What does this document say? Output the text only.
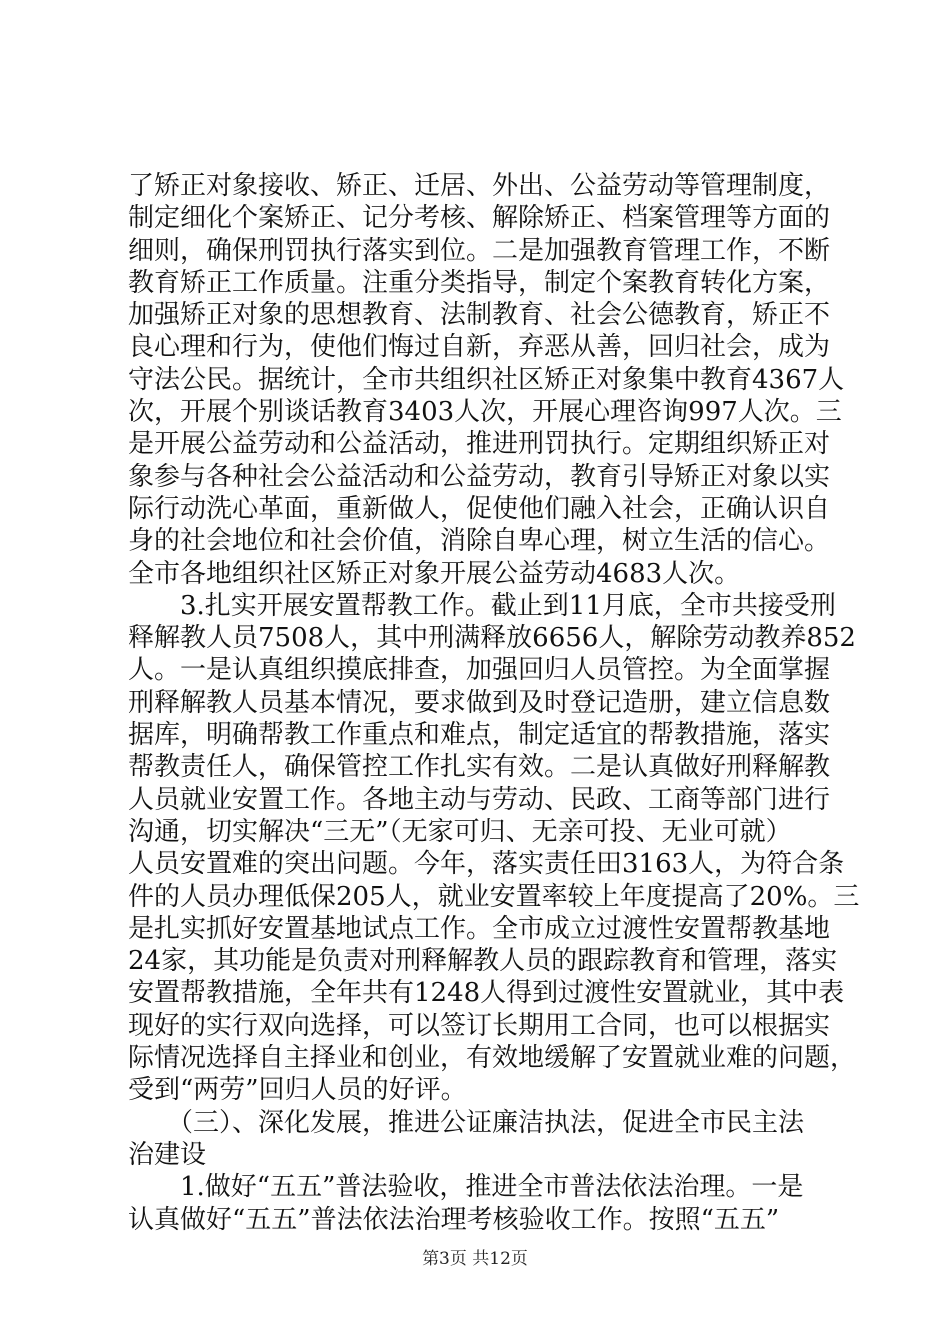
了矫正对象接收、矫正、迁居、外出、公益劳动等管理制度，
制定细化个案矫正、记分考核、解除矫正、档案管理等方面的
细则，确保刑罚执行落实到位。二是加强教育管理工作，不断
教育矫正工作质量。注重分类指导，制定个案教育转化方案，
加强矫正对象的思想教育、法制教育、社会公德教育，矫正不
良心理和行为，使他们悔过自新，弃恶从善，回归社会，成为
守法公民。据统计，全市共组织社区矫正对象集中教育4367人
次，开展个别谈话教育3403人次，开展心理咨询997人次。三
是开展公益劳动和公益活动，推进刑罚执行。定期组织矫正对
象参与各种社会公益活动和公益劳动，教育引导矫正对象以实
际行动洗心革面，重新做人，促使他们融入社会，正确认识自
身的社会地位和社会价值，消除自卑心理，树立生活的信心。
全市各地组织社区矫正对象开展公益劳动4683人次。
　　3.扎实开展安置帮教工作。截止到11月底，全市共接受刑
释解教人员7508人，其中刑满释放6656人，解除劳动教养852
人。一是认真组织摸底排查，加强回归人员管控。为全面掌握
刑释解教人员基本情况，要求做到及时登记造册，建立信息数
据库，明确帮教工作重点和难点，制定适宜的帮教措施，落实
帮教责任人，确保管控工作扎实有效。二是认真做好刑释解教
人员就业安置工作。各地主动与劳动、民政、工商等部门进行
沟通，切实解决“三无”（无家可归、无亲可投、无业可就）
人员安置难的突出问题。今年，落实责任田3163人，为符合条
件的人员办理低保205人，就业安置率较上年度提高了20%。三
是扎实抓好安置基地试点工作。全市成立过渡性安置帮教基地
24家，其功能是负责对刑释解教人员的跟踪教育和管理，落实
安置帮教措施，全年共有1248人得到过渡性安置就业，其中表
现好的实行双向选择，可以签订长期用工合同，也可以根据实
际情况选择自主择业和创业，有效地缓解了安置就业难的问题，
受到“两劳”回归人员的好评。
　　（三）、深化发展，推进公证廉洁执法，促进全市民主法
治建设
　　1.做好“五五”普法验收，推进全市普法依法治理。一是
认真做好“五五”普法依法治理考核验收工作。按照“五五”
第3页 共12页
